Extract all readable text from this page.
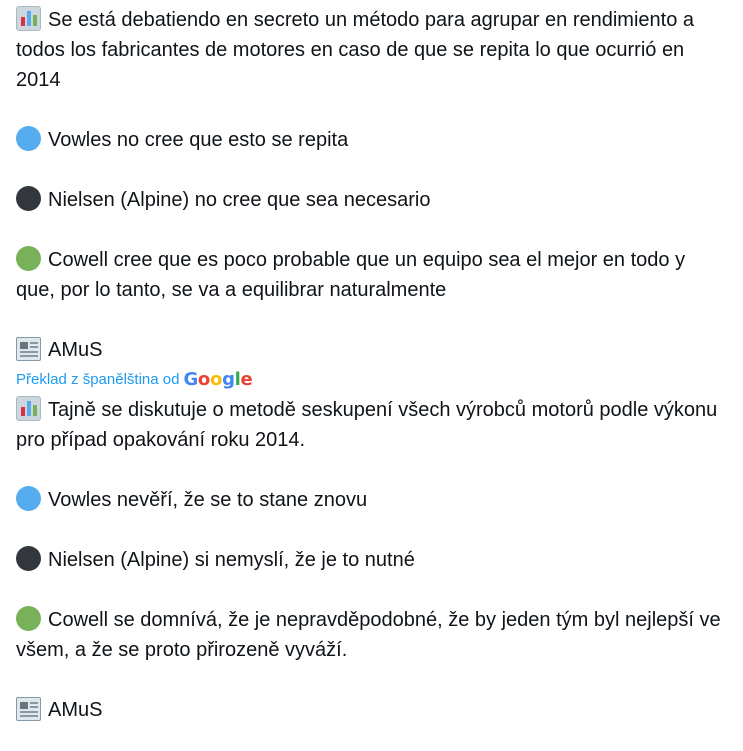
Se está debatiendo en secreto un método para agrupar en rendimiento a todos los fabricantes de motores en caso de que se repita lo que ocurrió en 2014

Vowles no cree que esto se repita

Nielsen (Alpine) no cree que sea necesario

Cowell cree que es poco probable que un equipo sea el mejor en todo y que, por lo tanto, se va a equilibrar naturalmente

AMuS

Překlad z španělština od Google

Tajně se diskutuje o metodě seskupení všech výrobců motorů podle výkonu pro případ opakování roku 2014.

Vowles nevěří, že se to stane znovu

Nielsen (Alpine) si nemyslí, že je to nutné

Cowell se domnívá, že je nepravděpodobné, že by jeden tým byl nejlepší ve všem, a že se proto přirozeně vyváží.

AMuS
